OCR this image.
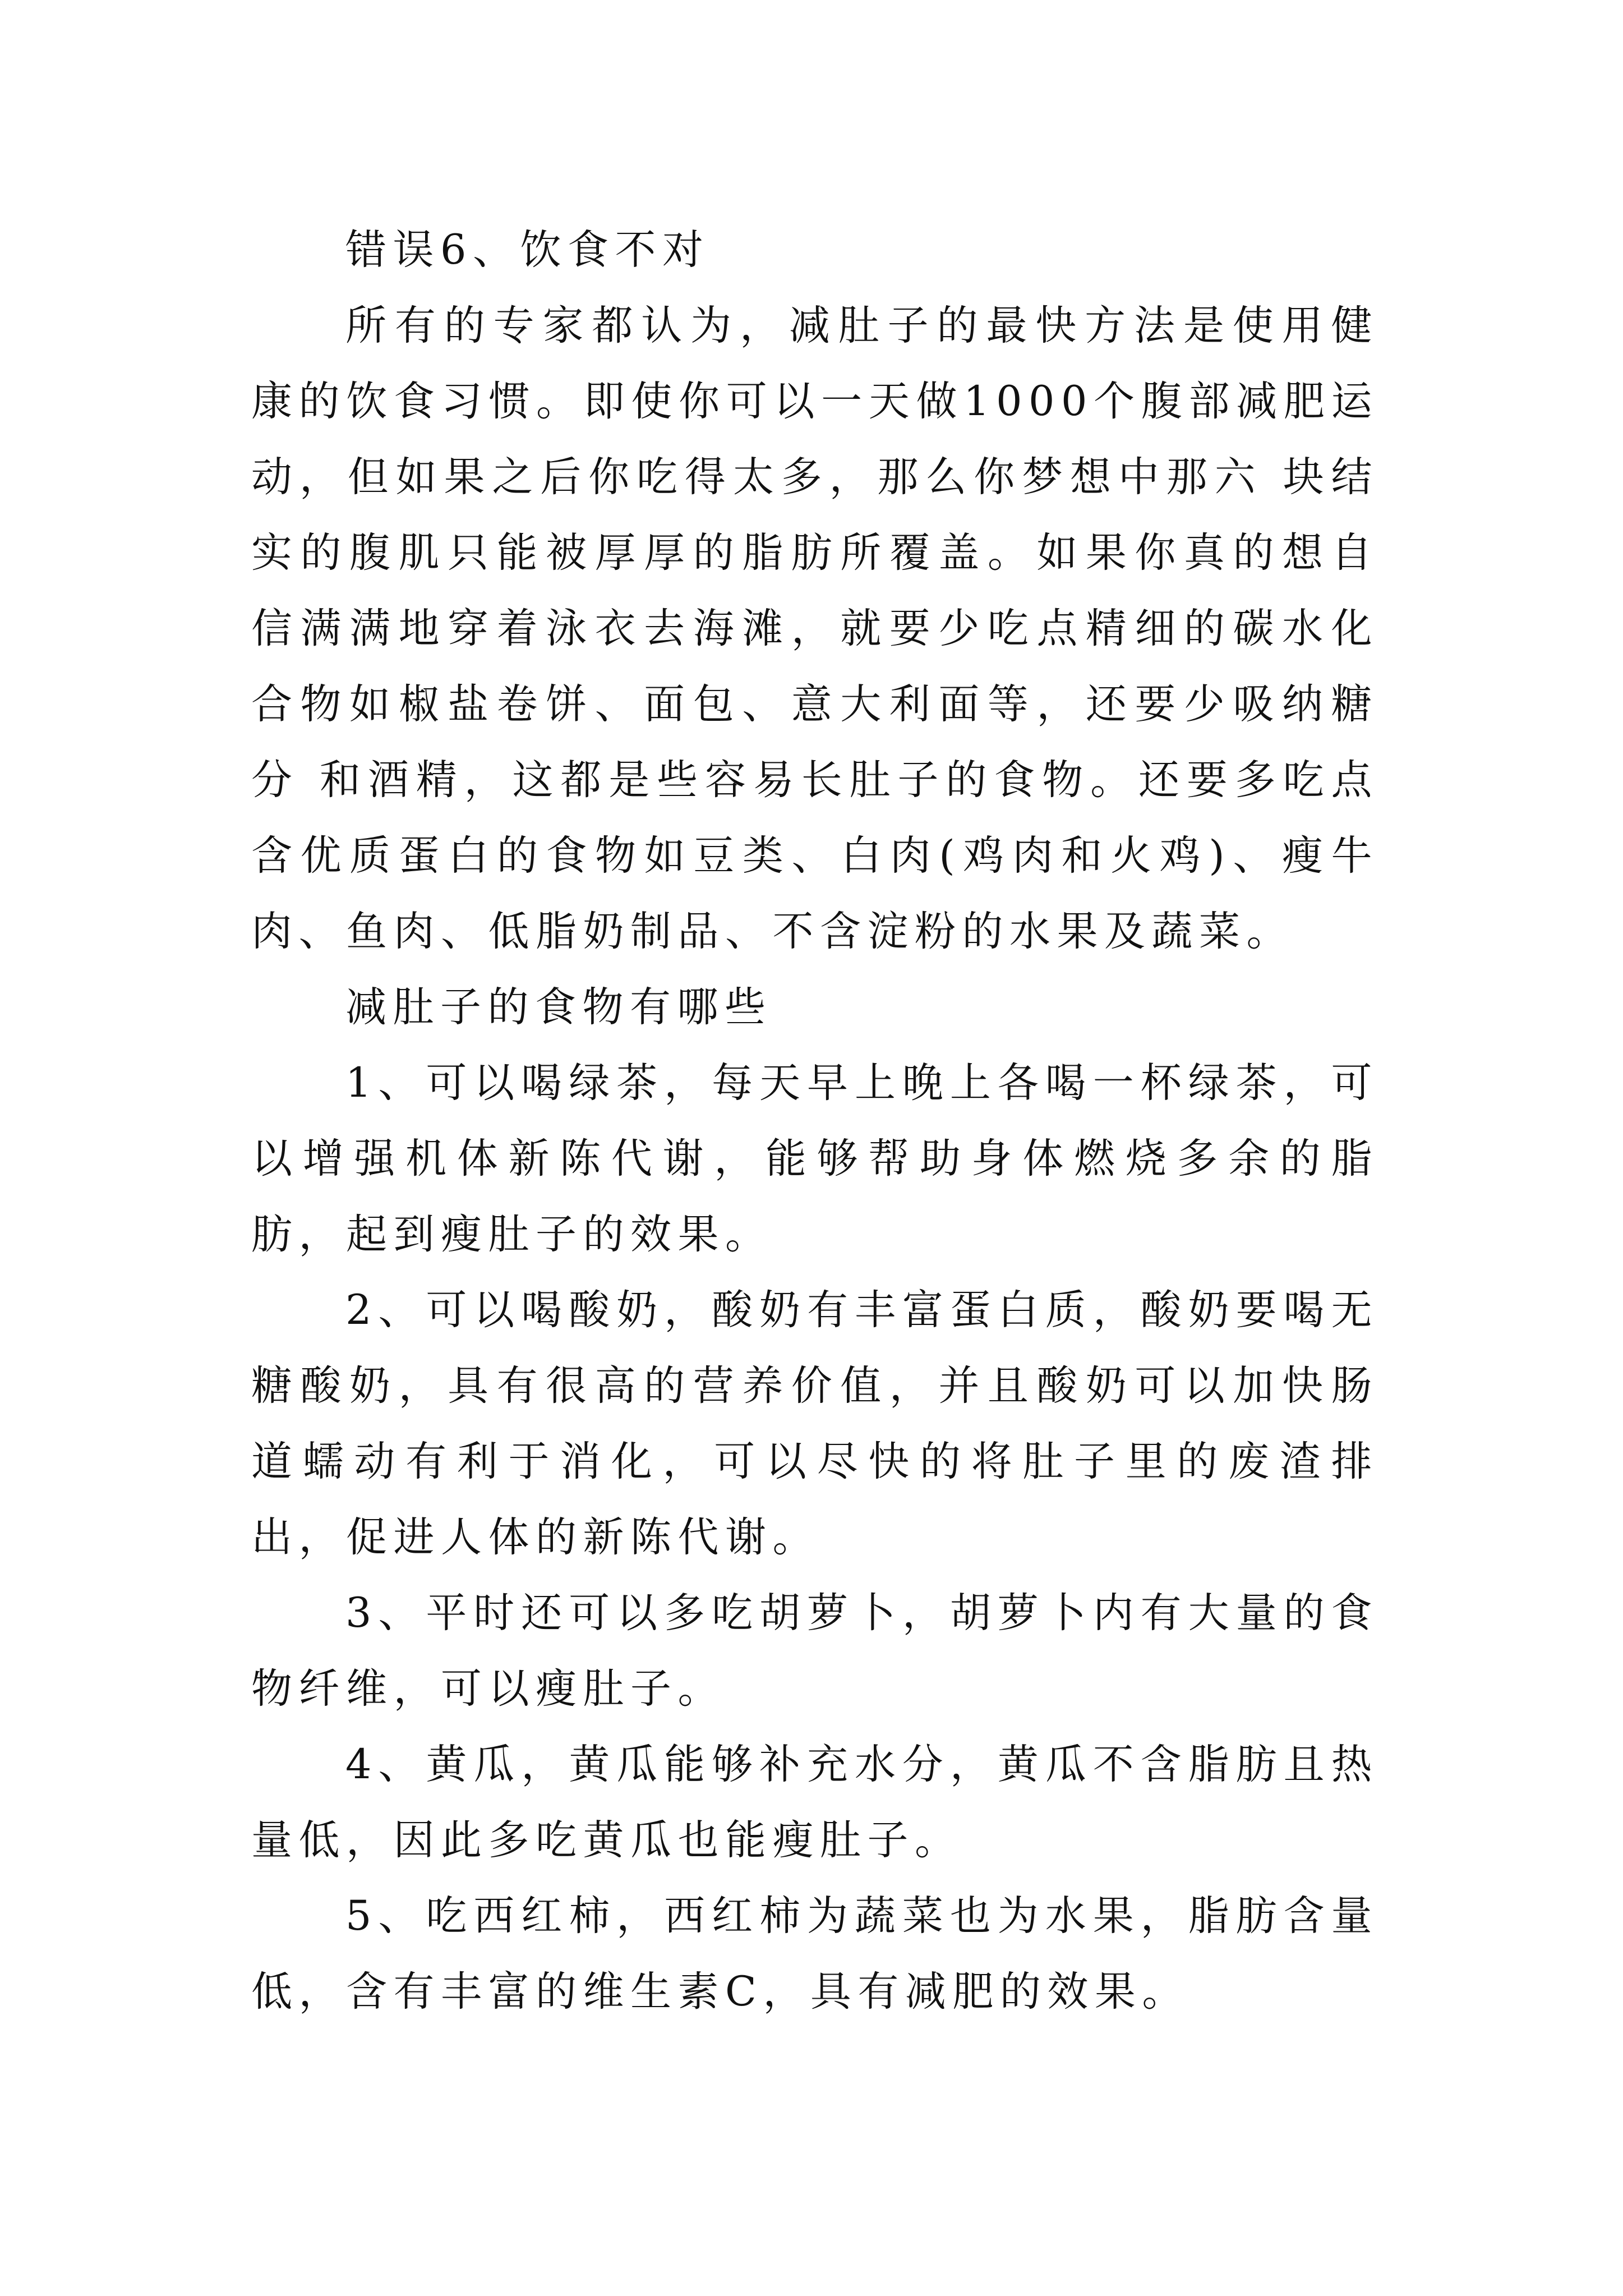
错误6、饮食不对

所有的专家都认为，减肚子的最快方法是使用健康的饮食习惯。即使你可以一天做1000个腹部减肥运动，但如果之后你吃得太多，那么你梦想中那六 块结实的腹肌只能被厚厚的脂肪所覆盖。如果你真的想自信满满地穿着泳衣去海滩，就要少吃点精细的碳水化合物如椒盐卷饼、面包、意大利面等，还要少吸纳糖分 和酒精，这都是些容易长肚子的食物。还要多吃点含优质蛋白的食物如豆类、白肉(鸡肉和火鸡)、瘦牛肉、鱼肉、低脂奶制品、不含淀粉的水果及蔬菜。

减肚子的食物有哪些

1、可以喝绿茶，每天早上晚上各喝一杯绿茶，可以增强机体新陈代谢，能够帮助身体燃烧多余的脂肪，起到瘦肚子的效果。

2、可以喝酸奶，酸奶有丰富蛋白质，酸奶要喝无糖酸奶，具有很高的营养价值，并且酸奶可以加快肠道蠕动有利于消化，可以尽快的将肚子里的废渣排出，促进人体的新陈代谢。

3、平时还可以多吃胡萝卜，胡萝卜内有大量的食物纤维，可以瘦肚子。

4、黄瓜，黄瓜能够补充水分，黄瓜不含脂肪且热量低，因此多吃黄瓜也能瘦肚子。

5、吃西红柿，西红柿为蔬菜也为水果，脂肪含量低，含有丰富的维生素C，具有减肥的效果。
